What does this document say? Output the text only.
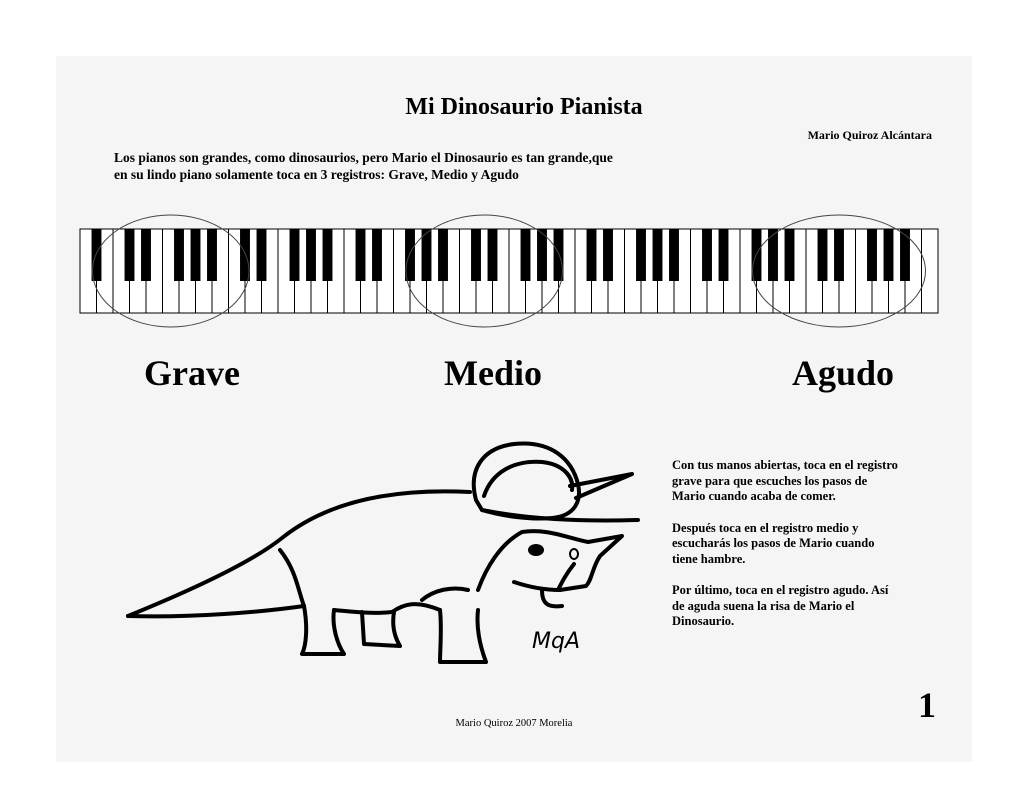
Mi Dinosaurio Pianista

Mario Quiroz Alcántara

Los pianos son grandes, como dinosaurios, pero Mario el Dinosaurio es tan grande,que
en su lindo piano solamente toca en 3 registros: Grave, Medio y Agudo
Grave	Medio	Agudo
MqA

Con tus manos abiertas, toca en el registro
grave para que escuches los pasos de
Mario cuando acaba de comer.

Después toca en el registro medio y
escucharás los pasos de Mario cuando
tiene hambre.

Por último, toca en el registro agudo. Así
de aguda suena la risa de Mario el
Dinosaurio.

1

Mario Quiroz 2007 Morelia
